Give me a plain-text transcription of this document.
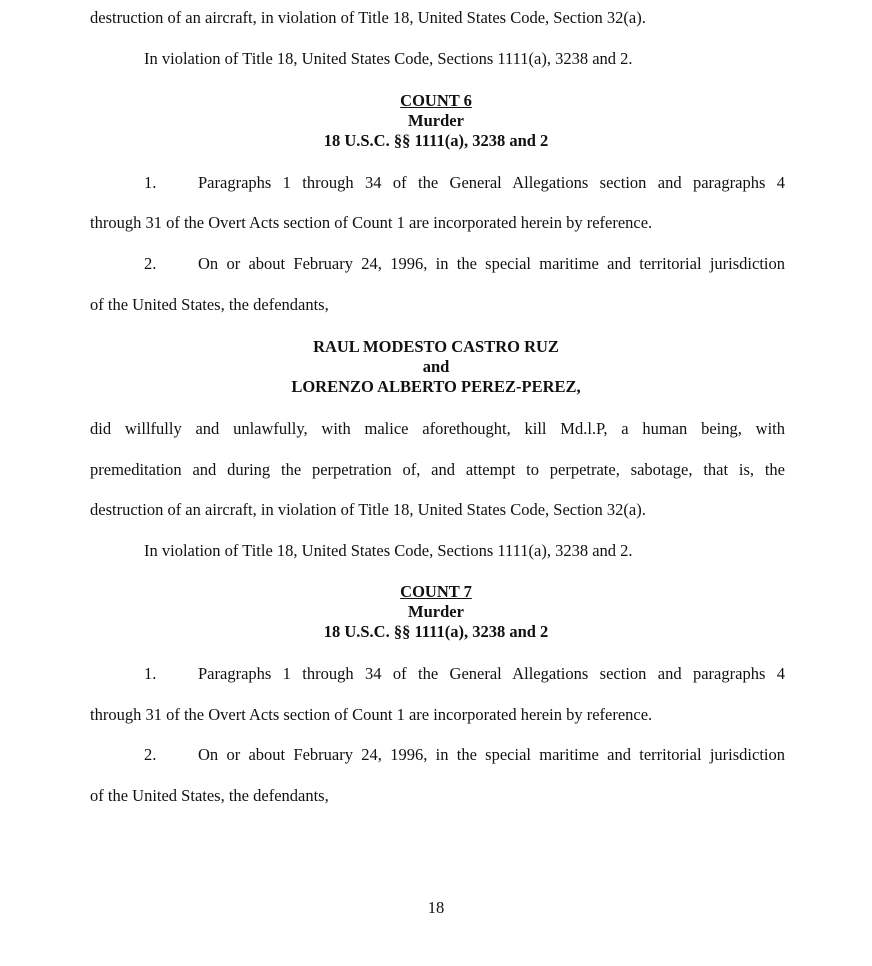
destruction of an aircraft, in violation of Title 18, United States Code, Section 32(a).
In violation of Title 18, United States Code, Sections 1111(a), 3238 and 2.
COUNT 6
Murder
18 U.S.C. §§ 1111(a), 3238 and 2
1.	Paragraphs 1 through 34 of the General Allegations section and paragraphs 4
through 31 of the Overt Acts section of Count 1 are incorporated herein by reference.
2.	On or about February 24, 1996, in the special maritime and territorial jurisdiction
of the United States, the defendants,
RAUL MODESTO CASTRO RUZ
and
LORENZO ALBERTO PEREZ-PEREZ,
did willfully and unlawfully, with malice aforethought, kill Md.l.P, a human being, with
premeditation and during the perpetration of, and attempt to perpetrate, sabotage, that is, the
destruction of an aircraft, in violation of Title 18, United States Code, Section 32(a).
In violation of Title 18, United States Code, Sections 1111(a), 3238 and 2.
COUNT 7
Murder
18 U.S.C. §§ 1111(a), 3238 and 2
1.	Paragraphs 1 through 34 of the General Allegations section and paragraphs 4
through 31 of the Overt Acts section of Count 1 are incorporated herein by reference.
2.	On or about February 24, 1996, in the special maritime and territorial jurisdiction
of the United States, the defendants,
18
